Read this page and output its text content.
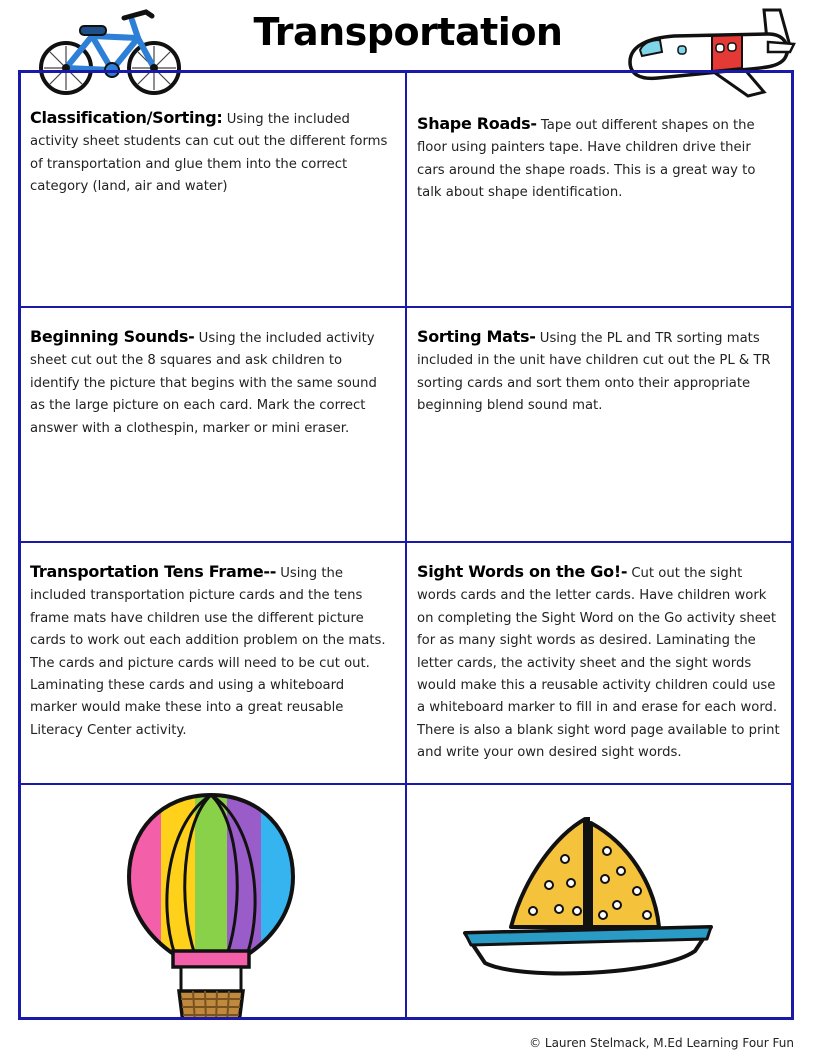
Transportation
Classification/Sorting: Using the included activity sheet students can cut out the different forms of transportation and glue them into the correct category (land, air and water)
Shape Roads- Tape out different shapes on the floor using painters tape. Have children drive their cars around the shape roads. This is a great way to talk about shape identification.
Beginning Sounds- Using the included activity sheet cut out the 8 squares and ask children to identify the picture that begins with the same sound as the large picture on each card. Mark the correct answer with a clothespin, marker or mini eraser.
Sorting Mats- Using the PL and TR sorting mats included in the unit have children cut out the PL & TR sorting cards and sort them onto their appropriate beginning blend sound mat.
Transportation Tens Frame-- Using the included transportation picture cards and the tens frame mats have children use the different picture cards to work out each addition problem on the mats. The cards and picture cards will need to be cut out. Laminating these cards and using a whiteboard marker would make these into a great reusable Literacy Center activity.
Sight Words on the Go!- Cut out the sight words cards and the letter cards. Have children work on completing the Sight Word on the Go activity sheet for as many sight words as desired. Laminating the letter cards, the activity sheet and the sight words would make this a reusable activity children could use a whiteboard marker to fill in and erase for each word. There is also a blank sight word page available to print and write your own desired sight words.
© Lauren Stelmack, M.Ed Learning Four Fun
